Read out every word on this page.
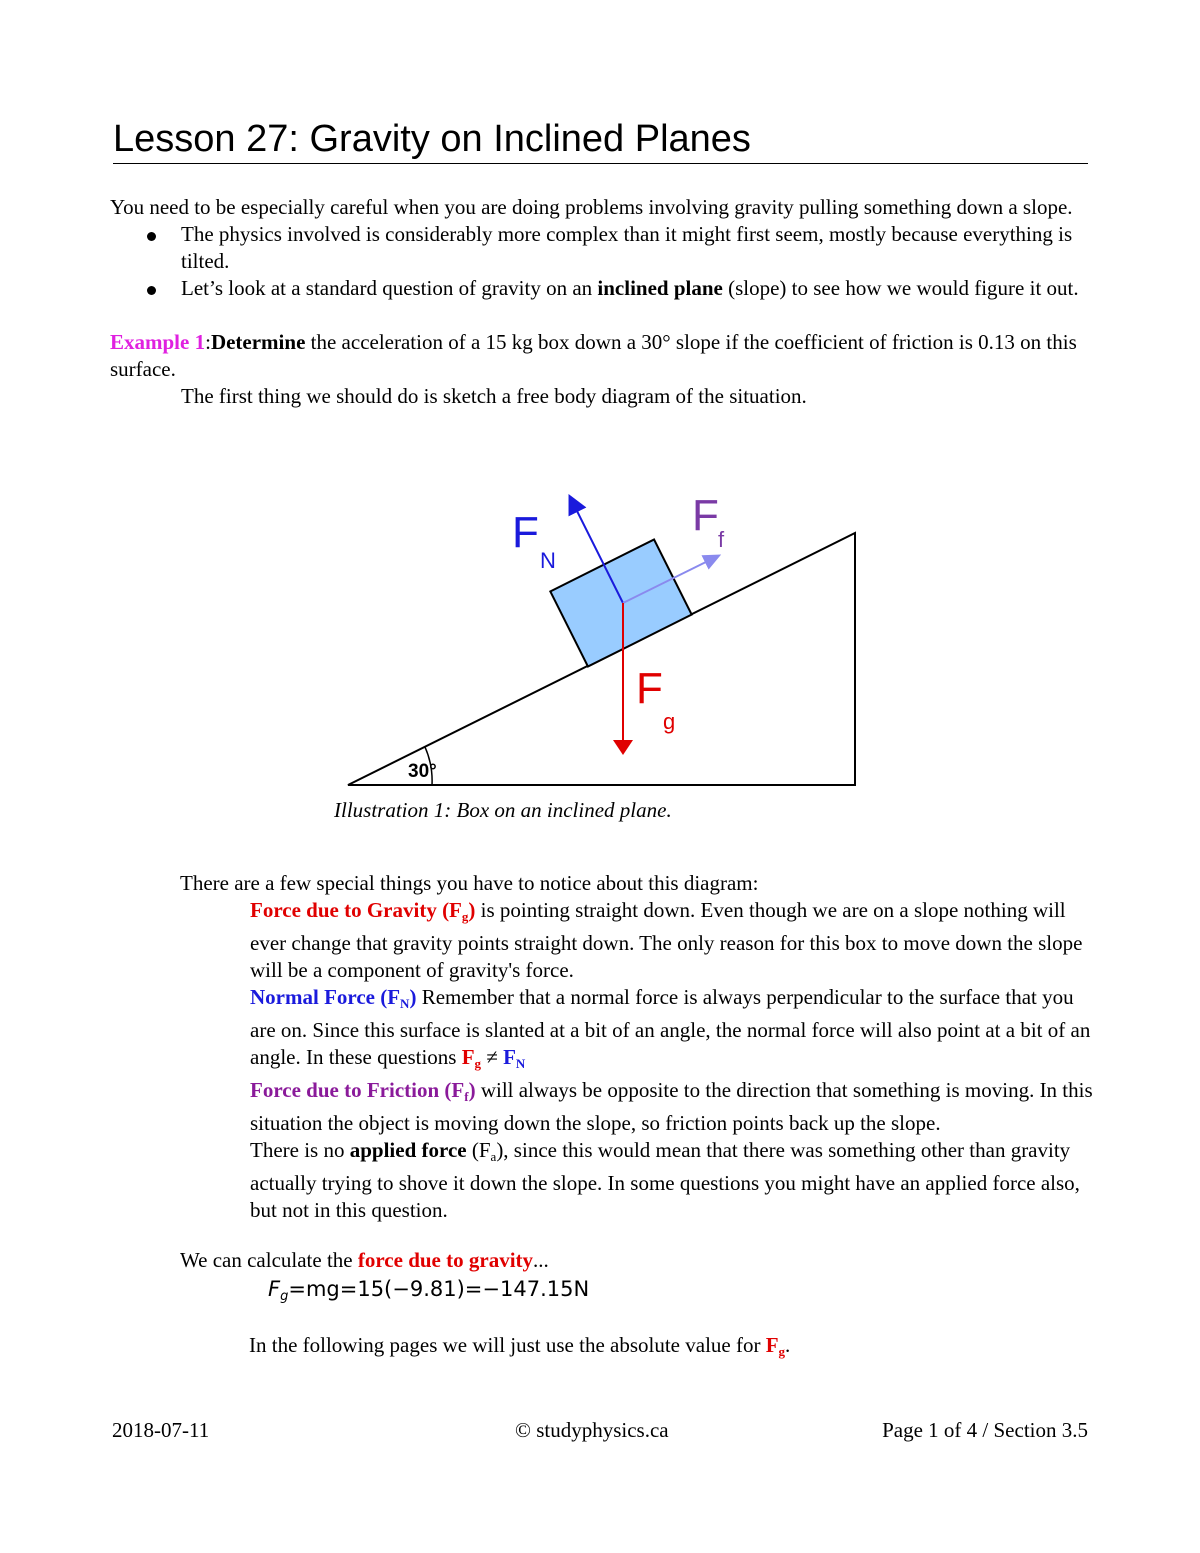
Lesson 27: Gravity on Inclined Planes

You need to be especially careful when you are doing problems involving gravity pulling something down a slope.

The physics involved is considerably more complex than it might first seem, mostly because everything is tilted.
Let’s look at a standard question of gravity on an inclined plane (slope) to see how we would figure it out.

Example 1:Determine the acceleration of a 15 kg box down a 30° slope if the coefficient of friction is 0.13 on this surface.

The first thing we should do is sketch a free body diagram of the situation.

30°
F
N
F f
F
g
Illustration 1: Box on an inclined plane.

There are a few special things you have to notice about this diagram:

Force due to Gravity $(F_g)$ is pointing straight down. Even though we are on a slope nothing will ever change that gravity points straight down. The only reason for this box to move down the slope will be a component of gravity's force.

Normal Force $(F_N)$ Remember that a normal force is always perpendicular to the surface that you are on. Since this surface is slanted at a bit of an angle, the normal force will also point at a bit of an angle. In these questions $F_g \ne F_N$

Force due to Friction $(F_f)$ will always be opposite to the direction that something is moving. In this situation the object is moving down the slope, so friction points back up the slope.

There is no applied force $(F_a)$, since this would mean that there was something other than gravity actually trying to shove it down the slope. In some questions you might have an applied force also, but not in this question.

We can calculate the force due to gravity...
Fg=mg=15(−9.81)=−147.15N
In the following pages we will just use the absolute value for $F_g$.
2018-07-11	© studyphysics.ca	Page 1 of 4 / Section 3.5
